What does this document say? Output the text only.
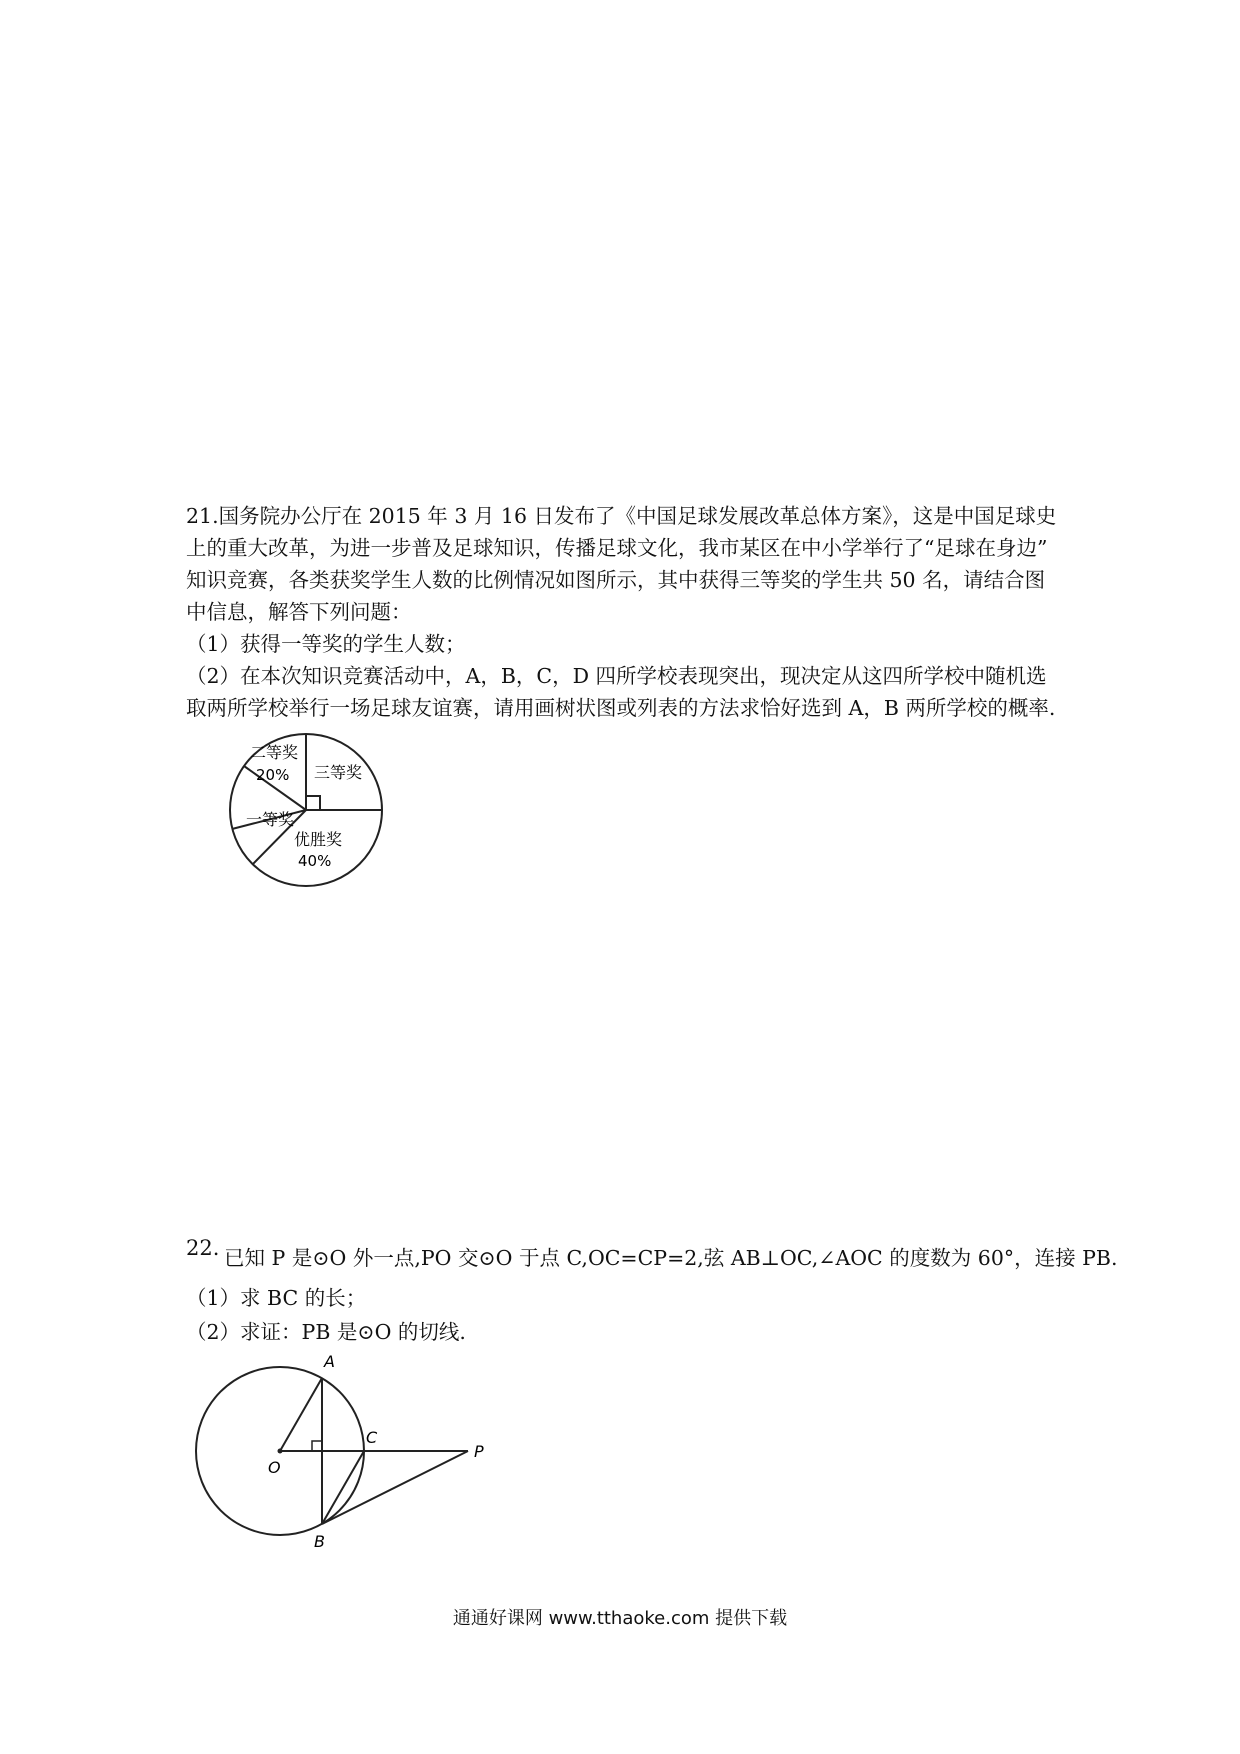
21.国务院办公厅在 2015 年 3 月 16 日发布了《中国足球发展改革总体方案》，这是中国足球史

上的重大改革，为进一步普及足球知识，传播足球文化，我市某区在中小学举行了“足球在身边”

知识竞赛，各类获奖学生人数的比例情况如图所示，其中获得三等奖的学生共 50 名，请结合图

中信息，解答下列问题：

（1）获得一等奖的学生人数；

（2）在本次知识竞赛活动中，A，B，C，D 四所学校表现突出，现决定从这四所学校中随机选

取两所学校举行一场足球友谊赛，请用画树状图或列表的方法求恰好选到 A，B 两所学校的概率.

二等奖
20% 三等奖
一等奖
优胜奖
40%
22. 已知 P 是⊙O 外一点,PO 交⊙O 于点 C,OC=CP=2,弦 AB⊥OC,∠AOC 的度数为 60°，连接 PB.
（1）求 BC 的长；
（2）求证：PB 是⊙O 的切线.
A
C
O
P
B
通通好课网 www.tthaoke.com 提供下载
